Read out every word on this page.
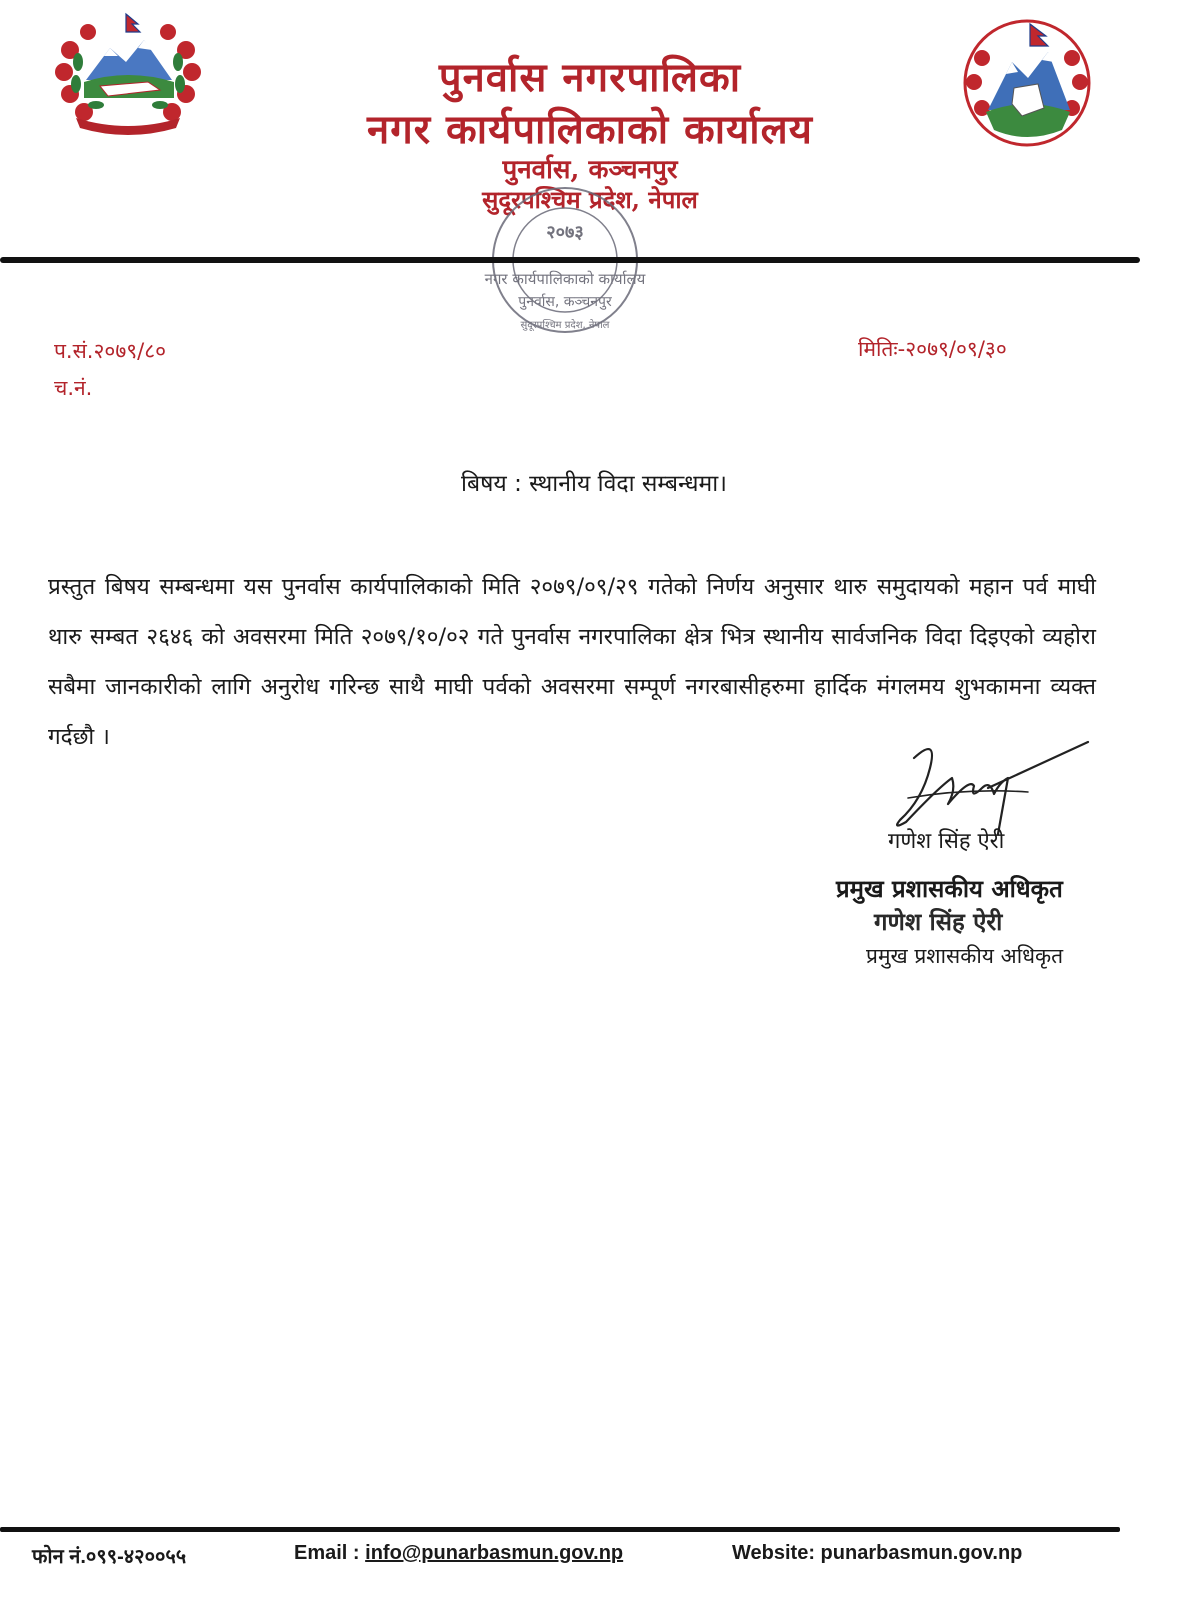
पुनर्वास नगरपालिका
नगर कार्यपालिकाको कार्यालय
पुनर्वास, कञ्चनपुर
सुदूरपश्चिम प्रदेश, नेपाल
२०७३
नगर कार्यपालिकाको कार्यालय
पुनर्वास, कञ्चनपुर
सुदूरपश्चिम प्रदेश, नेपाल
प.सं.२०७९/८०
च.नं.
मितिः-२०७९/०९/३०
बिषय : स्थानीय विदा सम्बन्धमा।
प्रस्तुत बिषय सम्बन्धमा यस पुनर्वास कार्यपालिकाको मिति २०७९/०९/२९ गतेको निर्णय अनुसार थारु समुदायको महान पर्व माघी थारु सम्बत २६४६ को अवसरमा मिति २०७९/१०/०२ गते पुनर्वास नगरपालिका क्षेत्र भित्र स्थानीय सार्वजनिक विदा दिइएको व्यहोरा सबैमा जानकारीको लागि अनुरोध गरिन्छ साथै माघी पर्वको अवसरमा सम्पूर्ण नगरबासीहरुमा हार्दिक मंगलमय शुभकामना व्यक्त गर्दछौ ।
गणेश सिंह ऐरी
प्रमुख प्रशासकीय अधिकृत
गणेश सिंह ऐरी
प्रमुख प्रशासकीय अधिकृत
फोन नं.०९९-४२००५५	Email : info@punarbasmun.gov.np	Website: punarbasmun.gov.np
